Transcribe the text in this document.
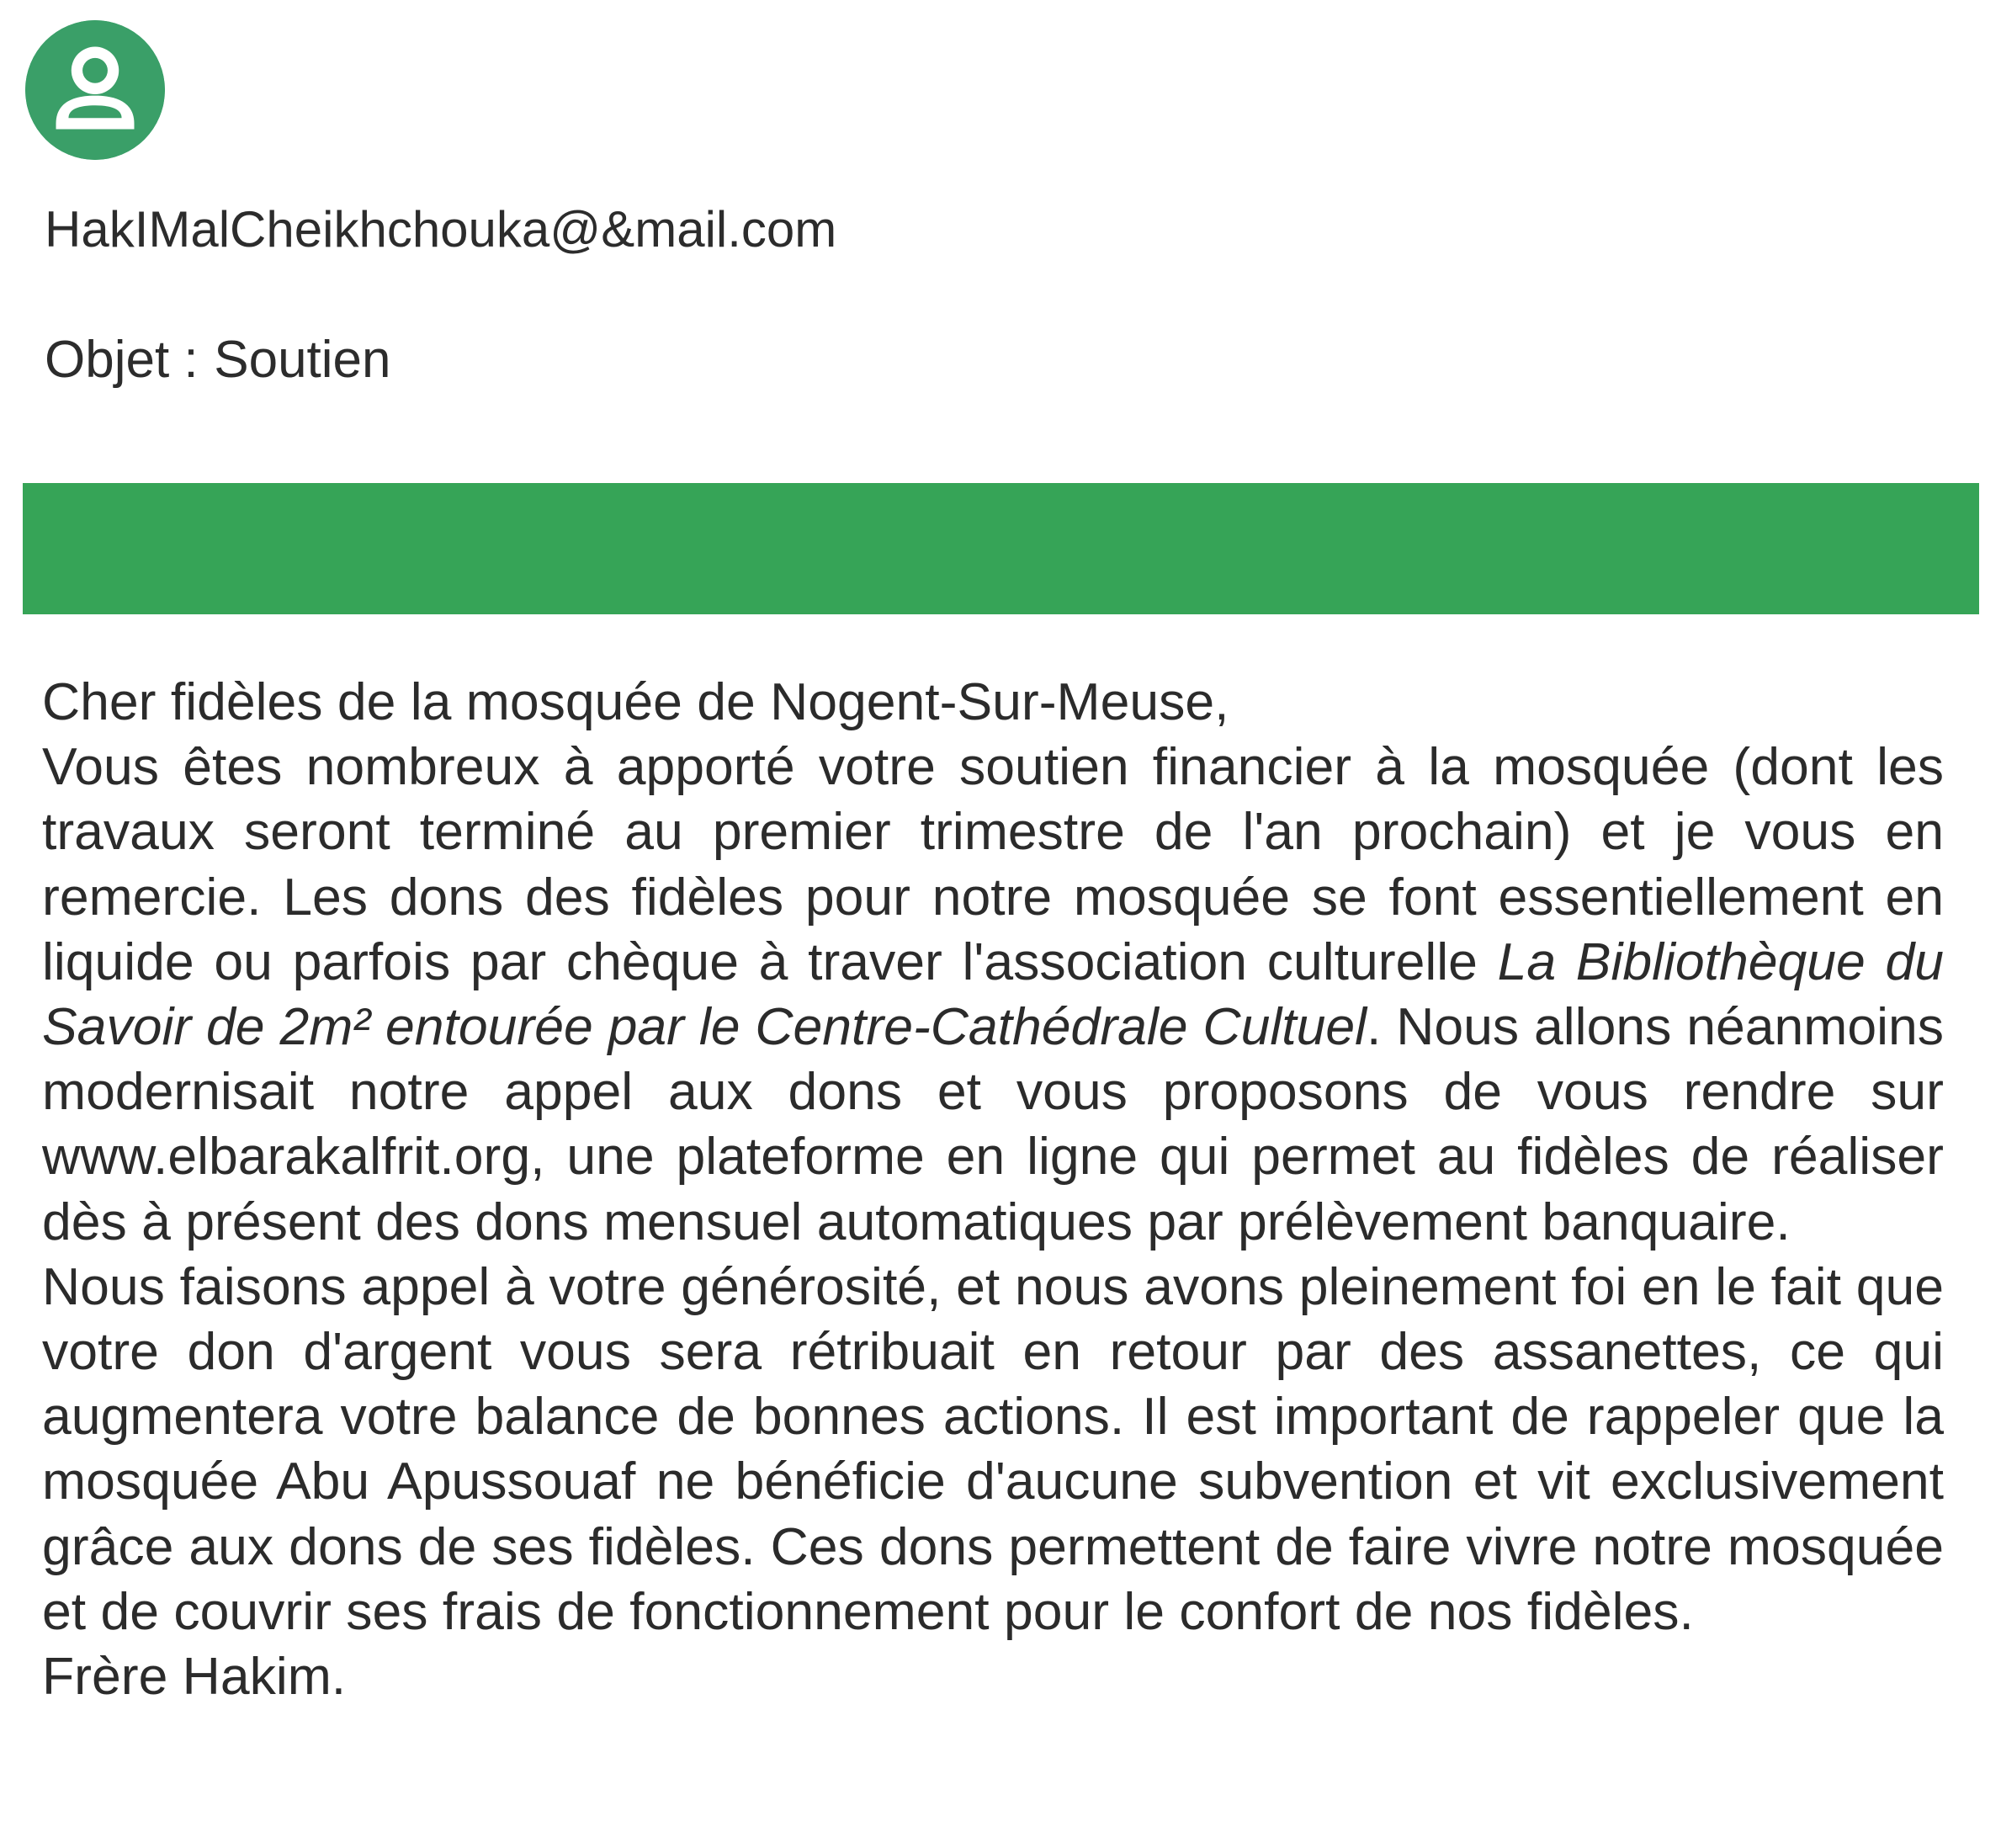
HakIMalCheikhchouka@&mail.com
Objet : Soutien

Cher fidèles de la mosquée de Nogent-Sur-Meuse,

Vous êtes nombreux à apporté votre soutien financier à la mosquée (dont les travaux seront terminé au premier trimestre de l'an prochain) et je vous en remercie. Les dons des fidèles pour notre mosquée se font essentiellement en liquide ou parfois par chèque à traver l'association culturelle La Bibliothèque du Savoir de 2m² entourée par le Centre-Cathédrale Cultuel. Nous allons néanmoins modernisait notre appel aux dons et vous proposons de vous rendre sur www.elbarakalfrit.org, une plateforme en ligne qui permet au fidèles de réaliser dès à présent des dons mensuel automatiques par prélèvement banquaire.

Nous faisons appel à votre générosité, et nous avons pleinement foi en le fait que votre don d'argent vous sera rétribuait en retour par des assanettes, ce qui augmentera votre balance de bonnes actions. Il est important de rappeler que la mosquée Abu Apussouaf ne bénéficie d'aucune subvention et vit exclusivement grâce aux dons de ses fidèles. Ces dons permettent de faire vivre notre mosquée et de couvrir ses frais de fonctionnement pour le confort de nos fidèles.

Frère Hakim.
